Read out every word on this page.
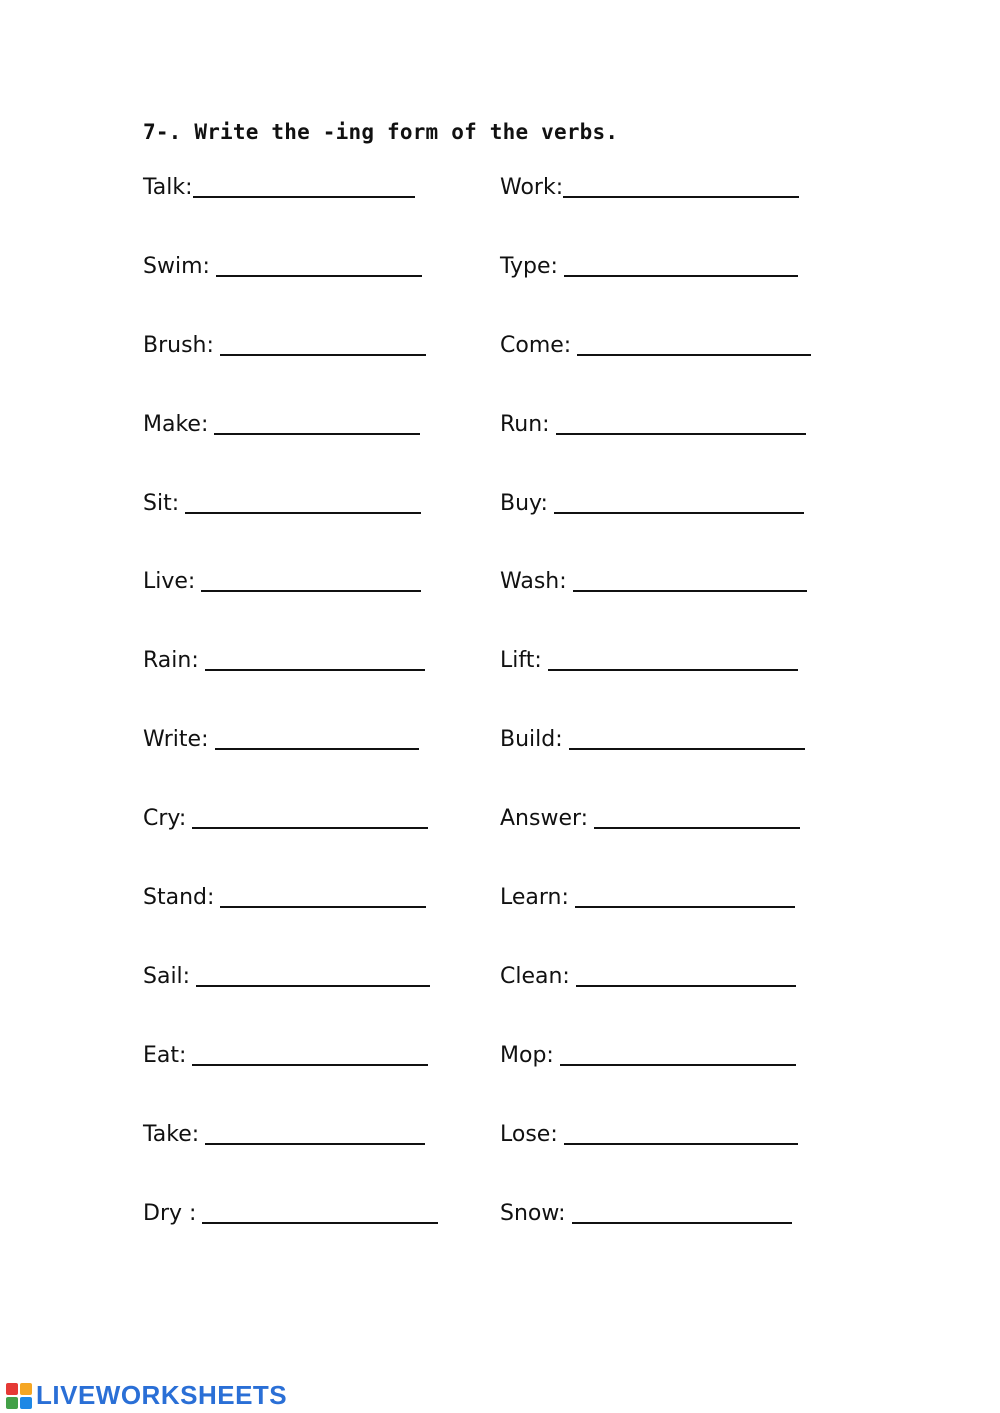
7-. Write the -ing form of the verbs.
Talk:
Swim:
Brush:
Make:
Sit:
Live:
Rain:
Write:
Cry:
Stand:
Sail:
Eat:
Take:
Dry :
Work:
Type:
Come:
Run:
Buy:
Wash:
Lift:
Build:
Answer:
Learn:
Clean:
Mop:
Lose:
Snow:
LIVEWORKSHEETS
